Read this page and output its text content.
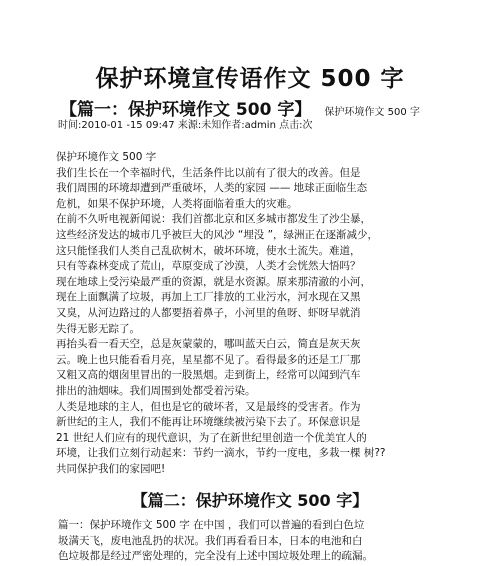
保护环境宣传语作文 500 字
【篇一：保护环境作文 500 字】 保护环境作文 500 字
时间:2010-01 -15 09:47 来源:未知作者:admin 点击:次

保护环境作文 500 字

我们生长在一个幸福时代，生活条件比以前有了很大的改善。但是

我们周围的环境却遭到严重破坏，人类的家园 —— 地球正面临生态

危机，如果不保护环境，人类将面临着重大的灾难。

在前不久听电视新闻说：我们首都北京和区多城市都发生了沙尘暴，

这些经济发达的城市几乎被巨大的风沙 “埋没 ”，绿洲正在逐渐减少，

这只能怪我们人类自己乱砍树木，破坏环境，使水土流失。难道，

只有等森林变成了荒山，草原变成了沙漠，人类才会恍然大悟吗？

现在地球上受污染最严重的资源，就是水资源。原来那清澈的小河，

现在上面飘满了垃圾，再加上工厂排放的工业污水，河水现在又黑

又臭，从河边路过的人都要捂着鼻子，小河里的鱼呀、虾呀早就消

失得无影无踪了。

再抬头看一看天空，总是灰蒙蒙的，哪叫蓝天白云，简直是灰天灰

云。晚上也只能看看月亮，星星都不见了。看得最多的还是工厂那

又粗又高的烟囱里冒出的一股黑烟。走到街上，经常可以闻到汽车

排出的油烟味。我们周围到处都受着污染。

人类是地球的主人，但也是它的破坏者，又是最终的受害者。作为

新世纪的主人，我们不能再让环境继续被污染下去了。环保意识是

21 世纪人们应有的现代意识，为了在新世纪里创造一个优美宜人的

环境，让我们立刻行动起来：节约一滴水，节约一度电，多栽一棵 树??

共同保护我们的家园吧!

【篇二：保护环境作文 500 字】

篇一：保护环境作文 500 字 在中国 ，我们可以普遍的看到白色垃

圾满天飞，废电池乱扔的状况。我们再看看日本，日本的电池和白

色垃圾都是经过严密处理的，完全没有上述中国垃圾处理上的疏漏。
